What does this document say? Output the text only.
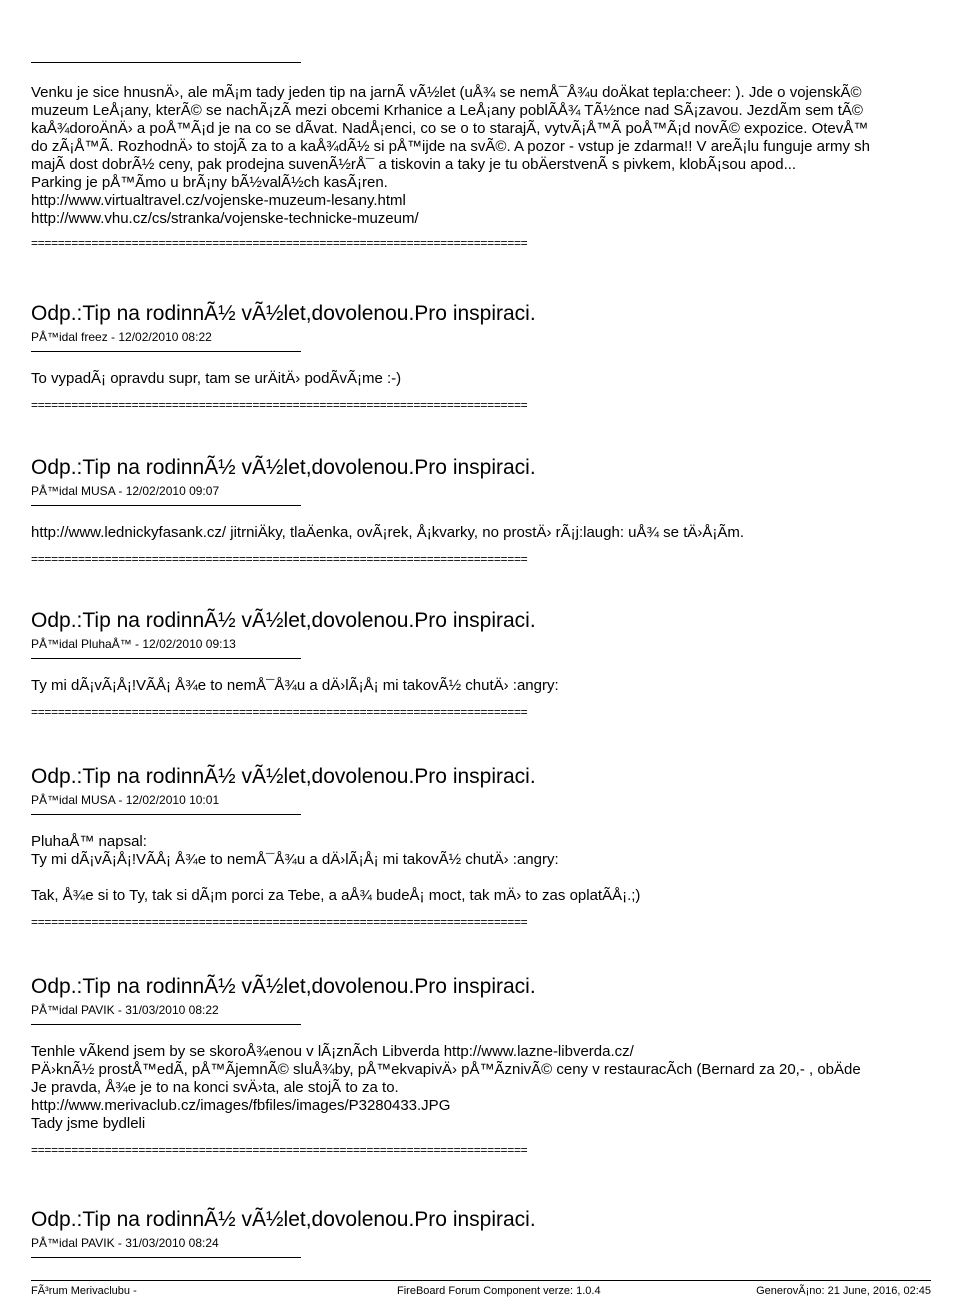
Venku je sice hnusnÄ›, ale mÃ¡m tady jeden tip na jarnÃ vÃ½let (uÅ¾ se nemÅ¯Å¾u doÄkat tepla:cheer: ). Jde o vojenskÃ©
muzeum LeÅ¡any, kterÃ© se nachÃ¡zÃ mezi obcemi Krhanice a LeÅ¡any poblÃÅ¾ TÃ½nce nad SÃ¡zavou. JezdÃm sem tÃ©
kaÅ¾doroÄnÄ› a poÅ™Ã¡d je na co se dÃvat. NadÅ¡enci, co se o to starajÃ, vytvÃ¡Å™Ã poÅ™Ã¡d novÃ© expozice. OtevÅ™
do zÃ¡Å™Ã. RozhodnÄ› to stojÃ za to a kaÅ¾dÃ½ si pÅ™ijde na svÃ©. A pozor - vstup je zdarma!! V areÃ¡lu funguje army sh
majÃ dost dobrÃ½ ceny, pak prodejna suvenÃ½rÅ¯ a tiskovin a taky je tu obÄerstvenÃ s pivkem, klobÃ¡sou apod...
Parking je pÅ™Ãmo u brÃ¡ny bÃ½valÃ½ch kasÃ¡ren.
http://www.virtualtravel.cz/vojenske-muzeum-lesany.html
http://www.vhu.cz/cs/stranka/vojenske-technicke-muzeum/
==========================================================================
Odp.:Tip na rodinnÃ½ vÃ½let,dovolenou.Pro inspiraci.
PÅ™idal freez - 12/02/2010 08:22
To vypadÃ¡ opravdu supr, tam se urÄitÄ› podÃvÃ¡me :-)
==========================================================================
Odp.:Tip na rodinnÃ½ vÃ½let,dovolenou.Pro inspiraci.
PÅ™idal MUSA - 12/02/2010 09:07
http://www.lednickyfasank.cz/ jitrniÄky, tlaÄenka, ovÃ¡rek, Å¡kvarky, no prostÄ› rÃ¡j:laugh: uÅ¾ se tÄ›Å¡Ãm.
==========================================================================
Odp.:Tip na rodinnÃ½ vÃ½let,dovolenou.Pro inspiraci.
PÅ™idal PluhaÅ™ - 12/02/2010 09:13
Ty mi dÃ¡vÃ¡Å¡!VÃÅ¡ Å¾e to nemÅ¯Å¾u a dÄ›lÃ¡Å¡ mi takovÃ½ chutÄ› :angry:
==========================================================================
Odp.:Tip na rodinnÃ½ vÃ½let,dovolenou.Pro inspiraci.
PÅ™idal MUSA - 12/02/2010 10:01
PluhaÅ™ napsal:
Ty mi dÃ¡vÃ¡Å¡!VÃÅ¡ Å¾e to nemÅ¯Å¾u a dÄ›lÃ¡Å¡ mi takovÃ½ chutÄ› :angry:
Tak, Å¾e si to Ty, tak si dÃ¡m porci za Tebe, a aÅ¾ budeÅ¡ moct, tak mÄ› to zas oplatÃÅ¡.;)
==========================================================================
Odp.:Tip na rodinnÃ½ vÃ½let,dovolenou.Pro inspiraci.
PÅ™idal PAVIK - 31/03/2010 08:22
Tenhle vÃkend jsem by se skoroÅ¾enou v lÃ¡znÃch Libverda http://www.lazne-libverda.cz/
PÄ›knÃ½ prostÅ™edÃ, pÅ™ÃjemnÃ© sluÅ¾by, pÅ™ekvapivÄ› pÅ™ÃznivÃ© ceny v restauracÃch (Bernard za 20,- , obÄde
Je pravda, Å¾e je to na konci svÄ›ta, ale stojÃ to za to.
http://www.merivaclub.cz/images/fbfiles/images/P3280433.JPG
Tady jsme bydleli
==========================================================================
Odp.:Tip na rodinnÃ½ vÃ½let,dovolenou.Pro inspiraci.
PÅ™idal PAVIK - 31/03/2010 08:24
FÃ³rum Merivaclubu -	FireBoard Forum Component verze: 1.0.4	GenerovÃ¡no: 21 June, 2016, 02:45
